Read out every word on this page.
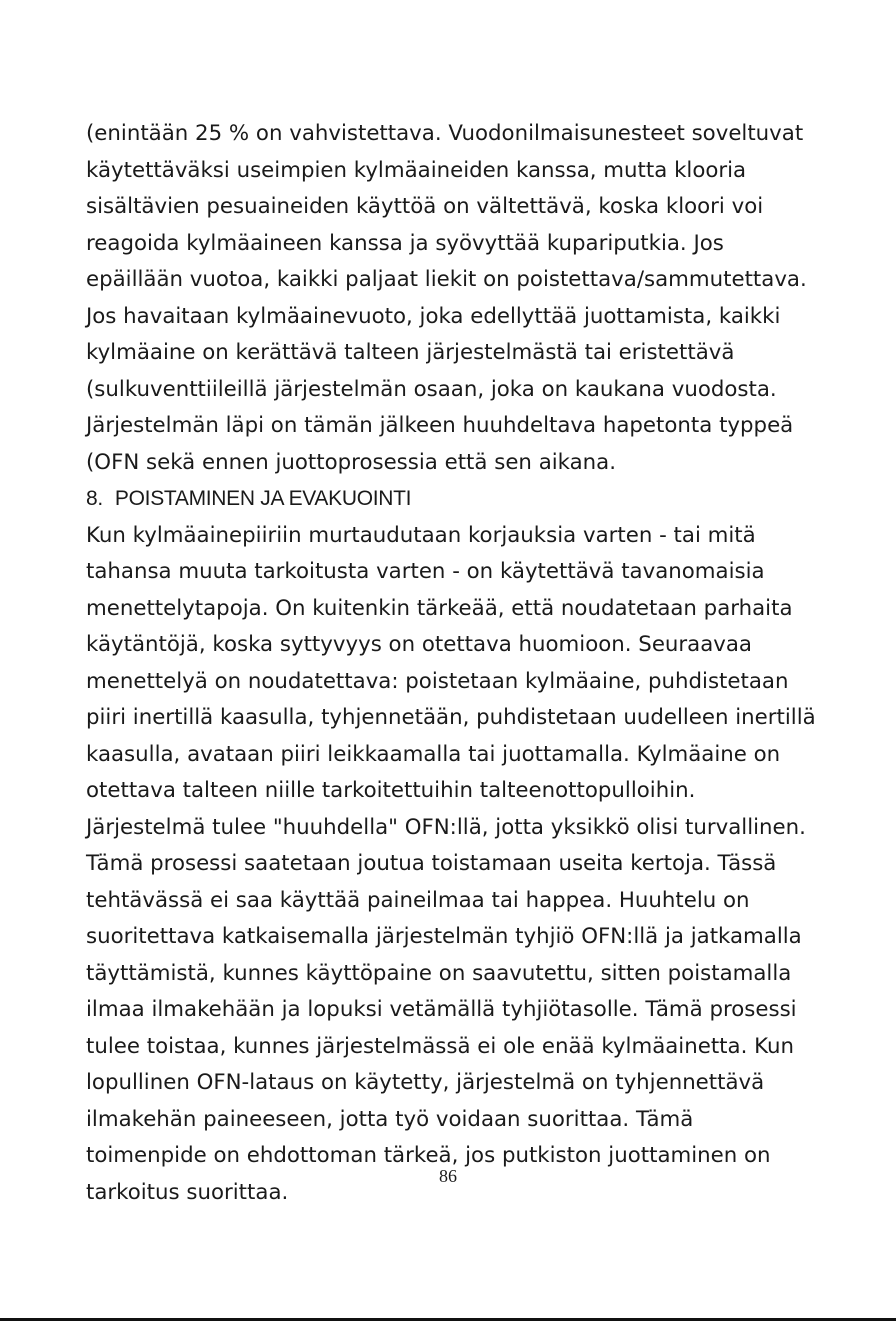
(enintään 25 % on vahvistettava. Vuodonilmaisunesteet soveltuvat
käytettäväksi useimpien kylmäaineiden kanssa, mutta klooria
sisältävien pesuaineiden käyttöä on vältettävä, koska kloori voi
reagoida kylmäaineen kanssa ja syövyttää kupariputkia. Jos
epäillään vuotoa, kaikki paljaat liekit on poistettava/sammutettava.
Jos havaitaan kylmäainevuoto, joka edellyttää juottamista, kaikki
kylmäaine on kerättävä talteen järjestelmästä tai eristettävä
(sulkuventtiileillä järjestelmän osaan, joka on kaukana vuodosta.
Järjestelmän läpi on tämän jälkeen huuhdeltava hapetonta typpeä
(OFN sekä ennen juottoprosessia että sen aikana.
8. POISTAMINEN JA EVAKUOINTI
Kun kylmäainepiiriin murtaudutaan korjauksia varten - tai mitä
tahansa muuta tarkoitusta varten - on käytettävä tavanomaisia
menettelytapoja. On kuitenkin tärkeää, että noudatetaan parhaita
käytäntöjä, koska syttyvyys on otettava huomioon. Seuraavaa
menettelyä on noudatettava: poistetaan kylmäaine, puhdistetaan
piiri inertillä kaasulla, tyhjennetään, puhdistetaan uudelleen inertillä
kaasulla, avataan piiri leikkaamalla tai juottamalla. Kylmäaine on
otettava talteen niille tarkoitettuihin talteenottopulloihin.
Järjestelmä tulee "huuhdella" OFN:llä, jotta yksikkö olisi turvallinen.
Tämä prosessi saatetaan joutua toistamaan useita kertoja. Tässä
tehtävässä ei saa käyttää paineilmaa tai happea. Huuhtelu on
suoritettava katkaisemalla järjestelmän tyhjiö OFN:llä ja jatkamalla
täyttämistä, kunnes käyttöpaine on saavutettu, sitten poistamalla
ilmaa ilmakehään ja lopuksi vetämällä tyhjiötasolle. Tämä prosessi
tulee toistaa, kunnes järjestelmässä ei ole enää kylmäainetta. Kun
lopullinen OFN-lataus on käytetty, järjestelmä on tyhjennettävä
ilmakehän paineeseen, jotta työ voidaan suorittaa. Tämä
toimenpide on ehdottoman tärkeä, jos putkiston juottaminen on
tarkoitus suorittaa.
86
